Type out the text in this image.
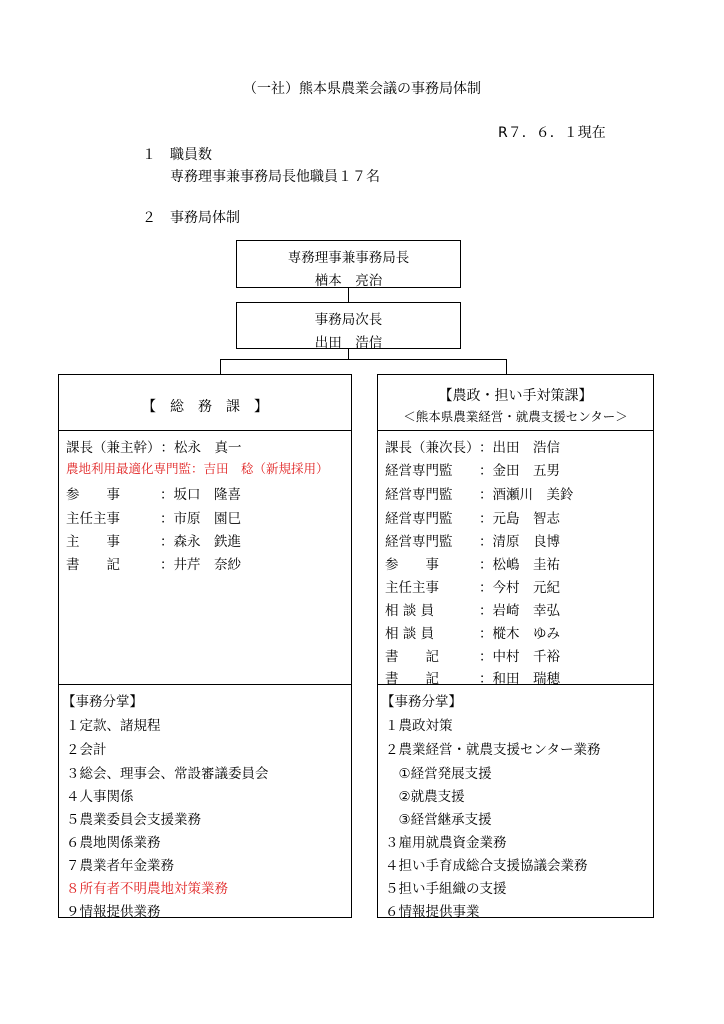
（一社）熊本県農業会議の事務局体制
R７．６．１現在
１　職員数
専務理事兼事務局長他職員１７名
２　事務局体制
専務理事兼事務局長
楢本　亮治
事務局次長
出田　浩信
【　総　務　課　】
課長（兼主幹）：松永　真一
農地利用最適化専門監：吉田　稔（新規採用）
参　　事	：坂口　隆喜
主任主事	：市原　園巳
主　　事	：森永　鉄進
書　　記	：井芹　奈紗
【事務分掌】
１定款、諸規程
２会計
３総会、理事会、常設審議委員会
４人事関係
５農業委員会支援業務
６農地関係業務
７農業者年金業務
８所有者不明農地対策業務
９情報提供業務
【農政・担い手対策課】
＜熊本県農業経営・就農支援センター＞
課長（兼次長）：出田　浩信
経営専門監 ：金田　五男
経営専門監 ：酒瀬川　美鈴
経営専門監 ：元島　智志
経営専門監 ：清原　良博
参　　事	：松嶋　圭祐
主任主事	：今村　元紀
相 談 員	：岩崎　幸弘
相 談 員	：樅木　ゆみ
書　　記	：中村　千裕
書　　記	：和田　瑞穂
【事務分掌】
１農政対策
２農業経営・就農支援センター業務
　①経営発展支援
　②就農支援
　③経営継承支援
３雇用就農資金業務
４担い手育成総合支援協議会業務
５担い手組織の支援
６情報提供事業
